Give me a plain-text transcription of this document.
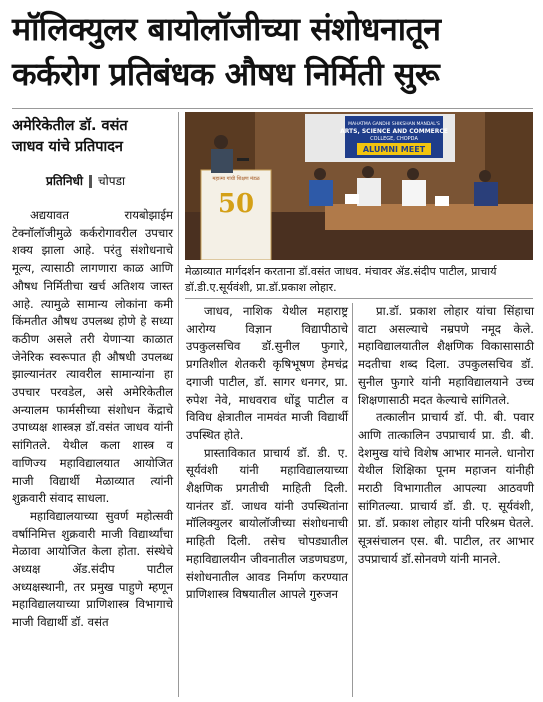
मॉलिक्युलर बायोलॉजीच्या संशोधनातून
कर्करोग प्रतिबंधक औषध निर्मिती सुरू
अमेरिकेतील डॉ. वसंत
जाधव यांचे प्रतिपादन
प्रतिनिधी चोपडा
MAHATMA GANDHI SHIKSHAN MANDAL'S
ARTS, SCIENCE AND COMMERCE
COLLEGE, CHOPDA
ALUMNI MEET
महात्मा गांधी शिक्षण मंडळ
50
मेळाव्यात मार्गदर्शन करताना डॉ.वसंत जाधव. मंचावर ॲड.संदीप पाटील, प्राचार्य डॉ.डी.ए.सूर्यवंशी, प्रा.डॉ.प्रकाश लोहार.

अद्ययावत रायबोझाईम टेक्नॉलॉजीमुळे कर्करोगावरील उपचार शक्य झाला आहे. परंतु संशोधनाचे मूल्य, त्यासाठी लागणारा काळ आणि औषध निर्मितीचा खर्च अतिशय जास्त आहे. त्यामुळे सामान्य लोकांना कमी किंमतीत औषध उपलब्ध होणे हे सध्या कठीण असले तरी येणाऱ्या काळात जेनेरिक स्वरूपात ही औषधी उपलब्ध झाल्यानंतर त्यावरील सामान्यांना हा उपचार परवडेल, असे अमेरिकेतील अन्यालम फार्मसीच्या संशोधन केंद्राचे उपाध्यक्ष शास्त्रज्ञ डॉ.वसंत जाधव यांनी सांगितले. येथील कला शास्त्र व वाणिज्य महाविद्यालयात आयोजित माजी विद्यार्थी मेळाव्यात त्यांनी शुक्रवारी संवाद साधला.

महाविद्यालयाच्या सुवर्ण महोत्सवी वर्षानिमित्त शुक्रवारी माजी विद्यार्थ्यांचा मेळावा आयोजित केला होता. संस्थेचे अध्यक्ष ॲड.संदीप पाटील अध्यक्षस्थानी, तर प्रमुख पाहुणे म्हणून महाविद्यालयाच्या प्राणिशास्त्र विभागाचे माजी विद्यार्थी डॉ. वसंत

जाधव, नाशिक येथील महाराष्ट्र आरोग्य विज्ञान विद्यापीठाचे उपकुलसचिव डॉ.सुनील फुगारे, प्रगतिशील शेतकरी कृषिभूषण हेमचंद्र दगाजी पाटील, डॉ. सागर धनगर, प्रा. रुपेश नेवे, माधवराव धोंडू पाटील व विविध क्षेत्रातील नामवंत माजी विद्यार्थी उपस्थित होते.

प्रास्ताविकात प्राचार्य डॉ. डी. ए. सूर्यवंशी यांनी महाविद्यालयाच्या शैक्षणिक प्रगतीची माहिती दिली. यानंतर डॉ. जाधव यांनी उपस्थितांना मॉलिक्युलर बायोलॉजीच्या संशोधनाची माहिती दिली. तसेच चोपड्यातील महाविद्यालयीन जीवनातील जडणघडण, संशोधनातील आवड निर्माण करण्यात प्राणिशास्त्र विषयातील आपले गुरुजन

प्रा.डॉ. प्रकाश लोहार यांचा सिंहाचा वाटा असल्याचे नम्रपणे नमूद केले. महाविद्यालयातील शैक्षणिक विकासासाठी मदतीचा शब्द दिला. उपकुलसचिव डॉ. सुनील फुगारे यांनी महाविद्यालयाने उच्च शिक्षणासाठी मदत केल्याचे सांगितले.

तत्कालीन प्राचार्य डॉ. पी. बी. पवार आणि तात्कालिन उपप्राचार्य प्रा. डी. बी. देशमुख यांचे विशेष आभार मानले. धानोरा येथील शिक्षिका पूनम महाजन यांनीही मराठी विभागातील आपल्या आठवणी सांगितल्या. प्राचार्य डॉ. डी. ए. सूर्यवंशी, प्रा. डॉ. प्रकाश लोहार यांनी परिश्रम घेतले. सूत्रसंचालन एस. बी. पाटील, तर आभार उपप्राचार्य डॉ.सोनवणे यांनी मानले.
